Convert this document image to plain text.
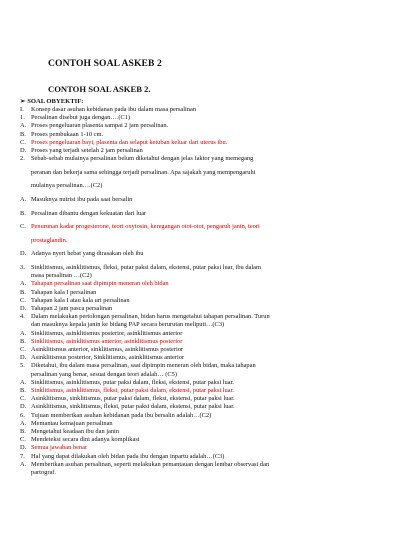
CONTOH SOAL ASKEB 2
CONTOH SOAL ASKEB 2.
➢ SOAL OBYEKTIF:
I. Konsep dasar asuhan kebidanan pada ibu dalam masa persalinan
1. Persalinan disebut juga dengan….(C1)
A. Proses pengeluaran plasenta sampai 2 jam persalinan.
B. Proses pembukaan 1-10 cm.
C. Proses pengeluaran bayi, plasenta dan selaput ketuban keluar dari uterus ibu.
D. Proses yang terjadi setelah 2 jam persalinan
2. Sebab-sebab mulainya persalinan belum diketahui dengan jelas faktor yang memegang
peranan dan bekerja sama sehingga terjadi persalinan. Apa sajakah yang mempengaruhi
mulainya persalinan….(C2)
A. Masuknya nutrisi ibu pada saat bersalin
B. Persalinan dibantu dengan kekuatan dari luar
C. Penurunan kadar progesterone, teori oxytosin, keregangan otot-otot, pengaruh janin, teori
prostaglandin.
D. Adanya nyeri hebat yang dirasakan oleh ibu
3. Sinklitismus, asinklitismus, fleksi, putar paksi dalam, ekstensi, putar paksi luar, ibu dalam
masa persalinan …(C2)
A. Tahapan persalinan saat dipimpin meneran oleh bidan
B. Tahapan kala I persalinan
C. Tahapan kala I atau kala uri persalinan
D. Tahapan 2 jam pasca persalinan
4. Dalam melakukan pertolongan persalinan, bidan harus mengetahui tahapan persalinan. Turun
dan masuknya kepala janin ke bidang PAP secara berurutan meliputi…(C3)
A. Sinklitismus, asinklitismus posterior, asinklitismus anterior
B. Sinklitismus, asinklitismus anterior, asinklitismus posterior
C. Asinklitismus anterior, sinklitismus, asinklitismus posterior
D. Asinklitismus posterior, Sinklitismus, asinklitismus anterior
5. Diketahui, ibu dalam masa persalinan, saat dipimpin meneran oleh bidan, maka tahapan
persalinan yang benar, sesuai dengan teori adalah… (C5)
A. Sinklitismus, asinklitismus, putar paksi dalam, fleksi, ekstensi, putar paksi luar.
B. Sinklitismus, asinklitismus, fleksi, putar paksi dalam, ekstensi, putar paksi luar.
C. Asinklitismus, sinklitismus, putar paksi dalam, fleksi, ekstensi, putar paksi luar.
D. Asinklitismus, sinklitismus, fleksi, putar paksi dalam, ekstensi, putar paksi luar.
6. Tujuan memberikan asuhan kebidanan pada ibu bersalin adalah…(C2)
A. Memantau kemajuan persalinan
B. Mengetahui keadaan ibu dan janin
C. Mendeteksi secara dini adanya komplikasi
D. Semua jawaban benar
7. Hal yang dapat dilakukan oleh bidan pada ibu dengan inpartu adalah…(C3)
A. Memberikan asuhan persalinan, seperti melakukan pemantauan dengan lembar observasi dan
partograf.
